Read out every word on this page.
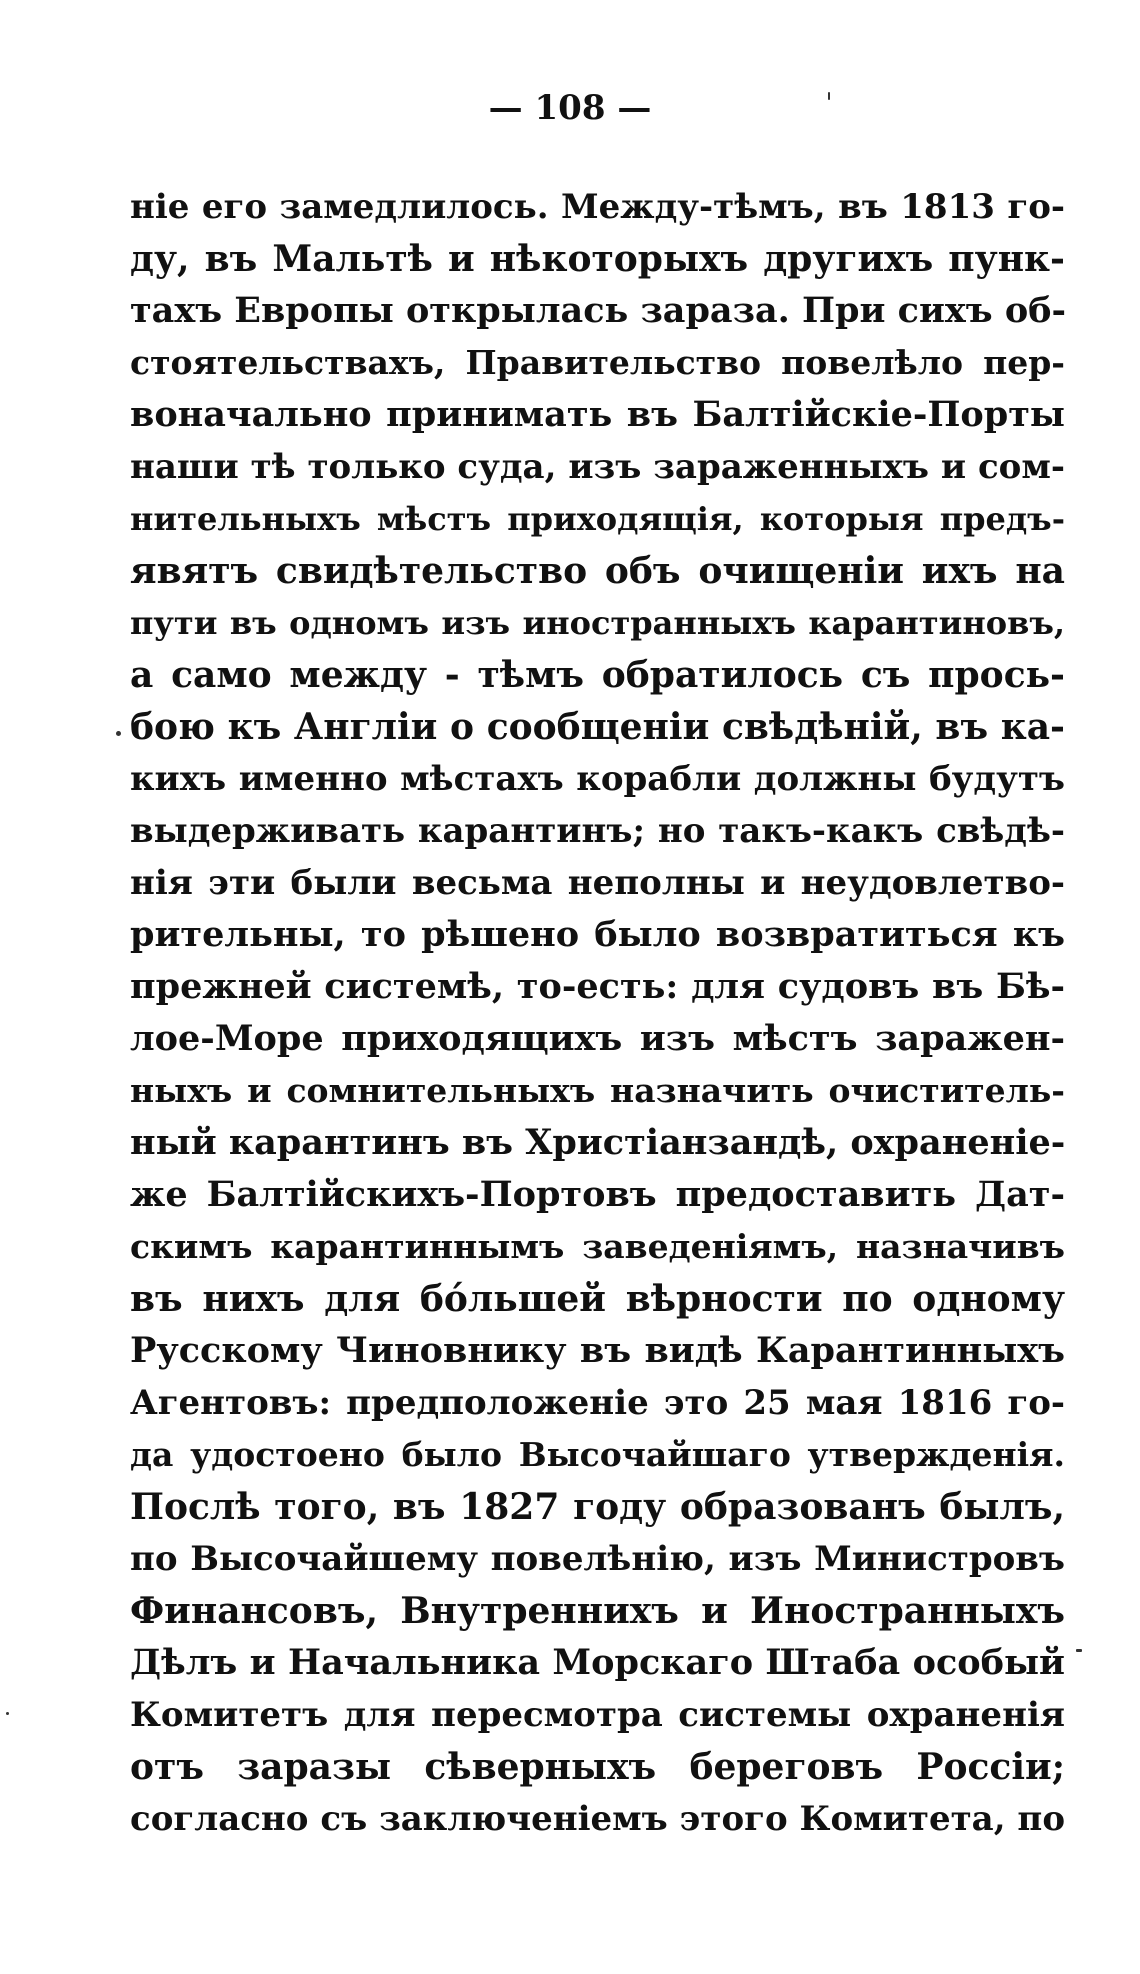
— 108 —
ніе его замедлилось. Между-тѣмъ, въ 1813 го-
ду, въ Мальтѣ и нѣкоторыхъ другихъ пунк-
тахъ Европы открылась зараза. При сихъ об-
стоятельствахъ, Правительство повелѣло пер-
воначально принимать въ Балтійскіе-Порты
наши тѣ только суда, изъ зараженныхъ и сом-
нительныхъ мѣстъ приходящія, которыя предъ-
явятъ свидѣтельство объ очищеніи ихъ на
пути въ одномъ изъ иностранныхъ карантиновъ,
а само между - тѣмъ обратилось съ прось-
бою къ Англіи о сообщеніи свѣдѣній, въ ка-
кихъ именно мѣстахъ корабли должны будутъ
выдерживать карантинъ; но такъ-какъ свѣдѣ-
нія эти были весьма неполны и неудовлетво-
рительны, то рѣшено было возвратиться къ
прежней системѣ, то-есть: для судовъ въ Бѣ-
лое-Море приходящихъ изъ мѣстъ заражен-
ныхъ и сомнительныхъ назначить очиститель-
ный карантинъ въ Христіанзандѣ, охраненіе-
же Балтійскихъ-Портовъ предоставить Дат-
скимъ карантиннымъ заведеніямъ, назначивъ
въ нихъ для бо́льшей вѣрности по одному
Русскому Чиновнику въ видѣ Карантинныхъ
Агентовъ: предположеніе это 25 мая 1816 го-
да удостоено было Высочайшаго утвержденія.
Послѣ того, въ 1827 году образованъ былъ,
по Высочайшему повелѣнію, изъ Министровъ
Финансовъ, Внутреннихъ и Иностранныхъ
Дѣлъ и Начальника Морскаго Штаба особый
Комитетъ для пересмотра системы охраненія
отъ заразы сѣверныхъ береговъ Россіи;
согласно съ заключеніемъ этого Комитета, по
